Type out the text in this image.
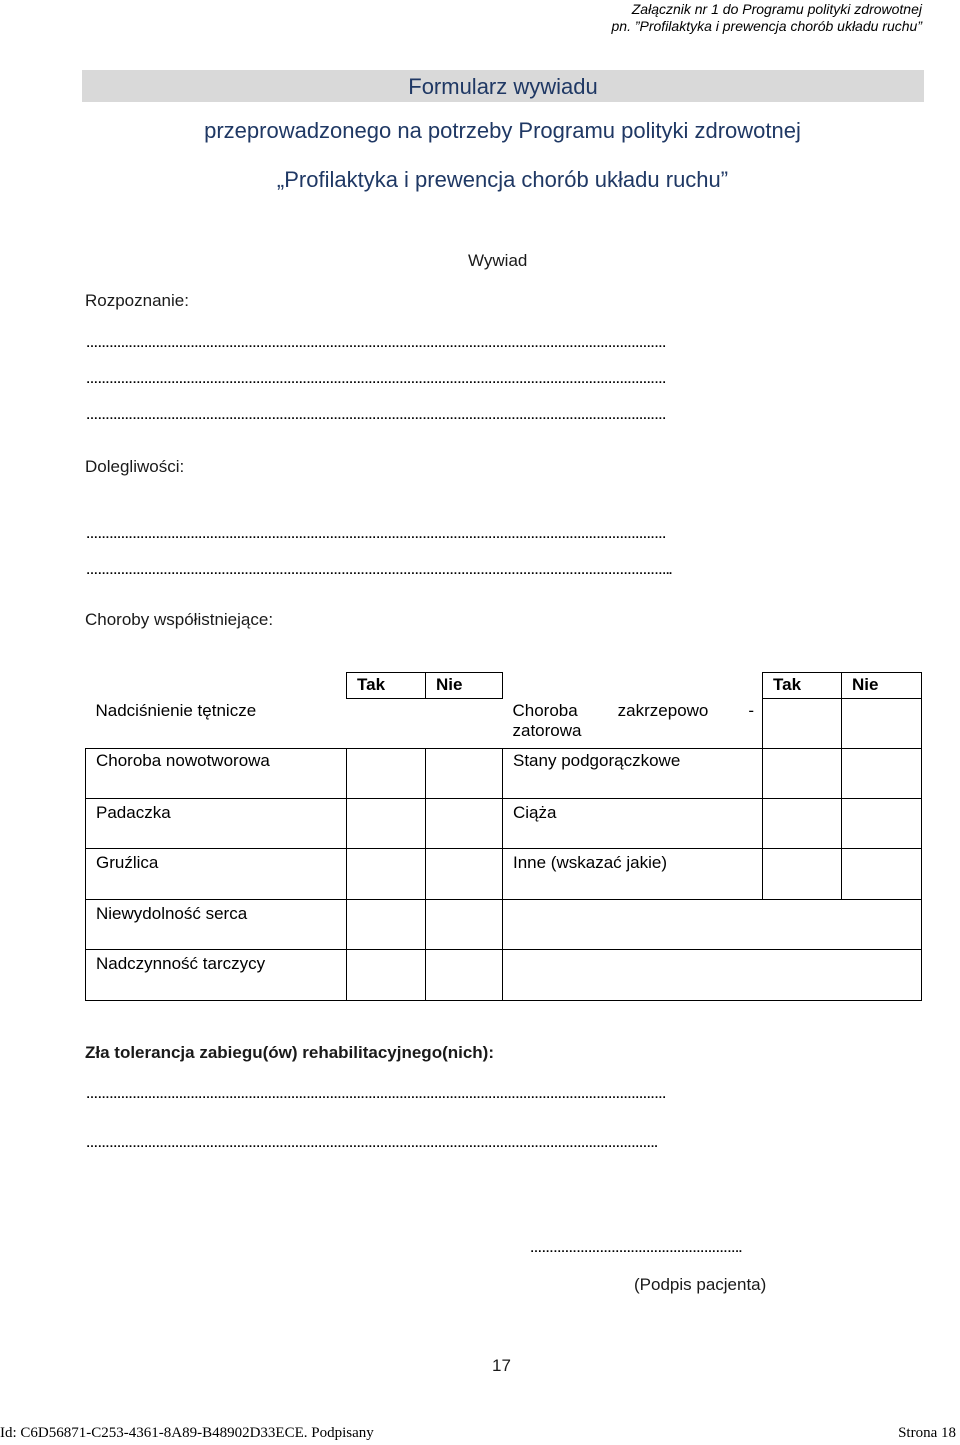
Załącznik nr 1 do Programu polityki zdrowotnej
pn. ”Profilaktyka i prewencja chorób układu ruchu”
Formularz wywiadu
przeprowadzonego na potrzeby Programu polityki zdrowotnej
„Profilaktyka i prewencja chorób układu ruchu”
Wywiad
Rozpoznanie:
……………………………………………………………………………………………………………………………………
……………………………………………………………………………………………………………………………………
……………………………………………………………………………………………………………………………………
Dolegliwości:
……………………………………………………………………………………………………………………………………
……………………………………………………………………………………………………………………………………..
Choroby współistniejące:
	Tak	Nie		Tak	Nie
Nadciśnienie tętnicze			Choroba zakrzepowo - zatorowa		
Choroba nowotworowa			Stany podgorączkowe		
Padaczka			Ciąża		
Gruźlica			Inne (wskazać jakie)		
Niewydolność serca					
Nadczynność tarczycy					
Zła tolerancja zabiegu(ów) rehabilitacyjnego(nich):
……………………………………………………………………………………………………………………………………
………………………………………………………………………………………………………………………………….
……………………………………………….
(Podpis pacjenta)
17
Id: C6D56871-C253-4361-8A89-B48902D33ECE. Podpisany	Strona 18
